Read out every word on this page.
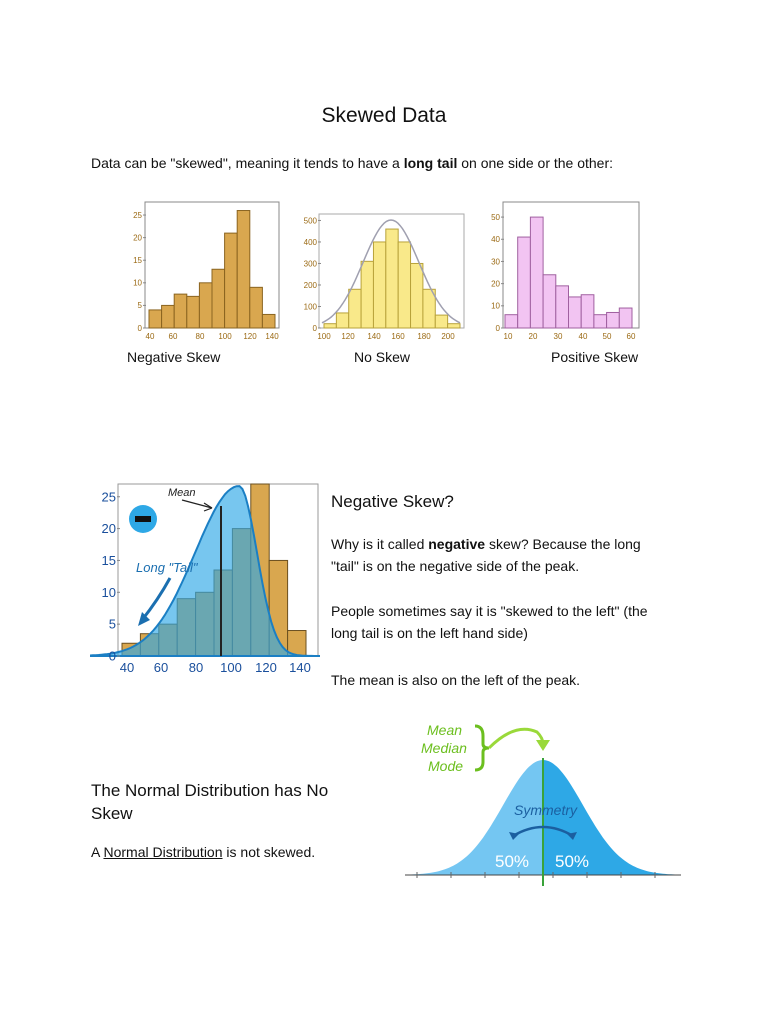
Skewed Data
Data can be "skewed", meaning it tends to have a long tail on one side or the other:
0
5
10
15
20
25
40 60 80 100 120 140
Negative Skew
0
100
200
300
400
500
100 120 140 160 180 200
No Skew
0
10
20
30
40
50
10 20 30 40 50 60
Positive Skew
0
5
10
15
20
25
40 60 80 100 120 140
Mean
Long "Tail"
Negative Skew?
Why is it called negative skew? Because the long
"tail" is on the negative side of the peak.
People sometimes say it is "skewed to the left" (the
long tail is on the left hand side)
The mean is also on the left of the peak.
The Normal Distribution has No
Skew
A Normal Distribution is not skewed.
Mean
Median
Mode
Symmetry
50% 50%
